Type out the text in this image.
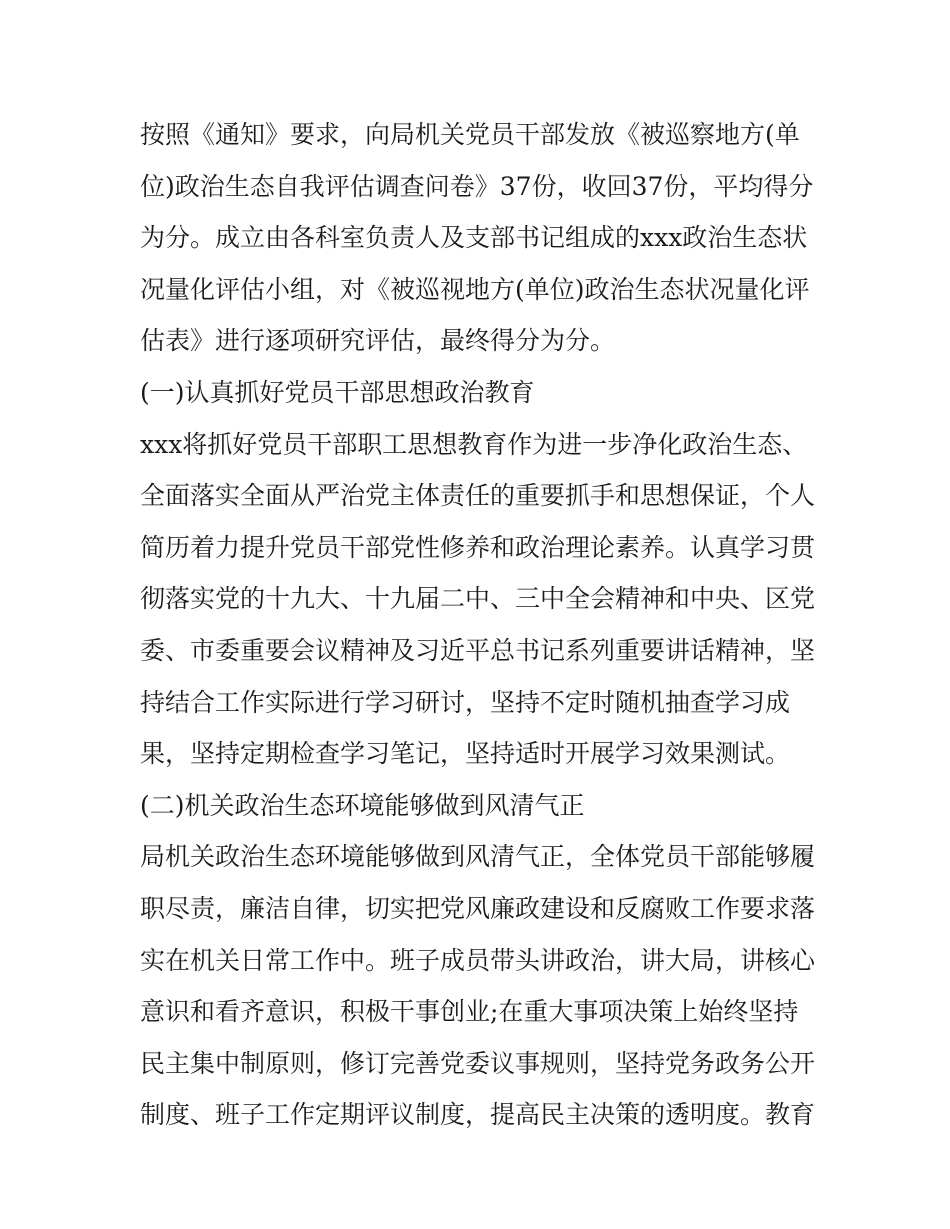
按照《通知》要求，向局机关党员干部发放《被巡察地方(单
位)政治生态自我评估调查问卷》37份，收回37份，平均得分
为分。成立由各科室负责人及支部书记组成的xxx政治生态状
况量化评估小组，对《被巡视地方(单位)政治生态状况量化评
估表》进行逐项研究评估，最终得分为分。
(一)认真抓好党员干部思想政治教育
xxx将抓好党员干部职工思想教育作为进一步净化政治生态、
全面落实全面从严治党主体责任的重要抓手和思想保证，个人
简历着力提升党员干部党性修养和政治理论素养。认真学习贯
彻落实党的十九大、十九届二中、三中全会精神和中央、区党
委、市委重要会议精神及习近平总书记系列重要讲话精神，坚
持结合工作实际进行学习研讨，坚持不定时随机抽查学习成
果，坚持定期检查学习笔记，坚持适时开展学习效果测试。
(二)机关政治生态环境能够做到风清气正
局机关政治生态环境能够做到风清气正，全体党员干部能够履
职尽责，廉洁自律，切实把党风廉政建设和反腐败工作要求落
实在机关日常工作中。班子成员带头讲政治，讲大局，讲核心
意识和看齐意识，积极干事创业;在重大事项决策上始终坚持
民主集中制原则，修订完善党委议事规则，坚持党务政务公开
制度、班子工作定期评议制度，提高民主决策的透明度。教育
